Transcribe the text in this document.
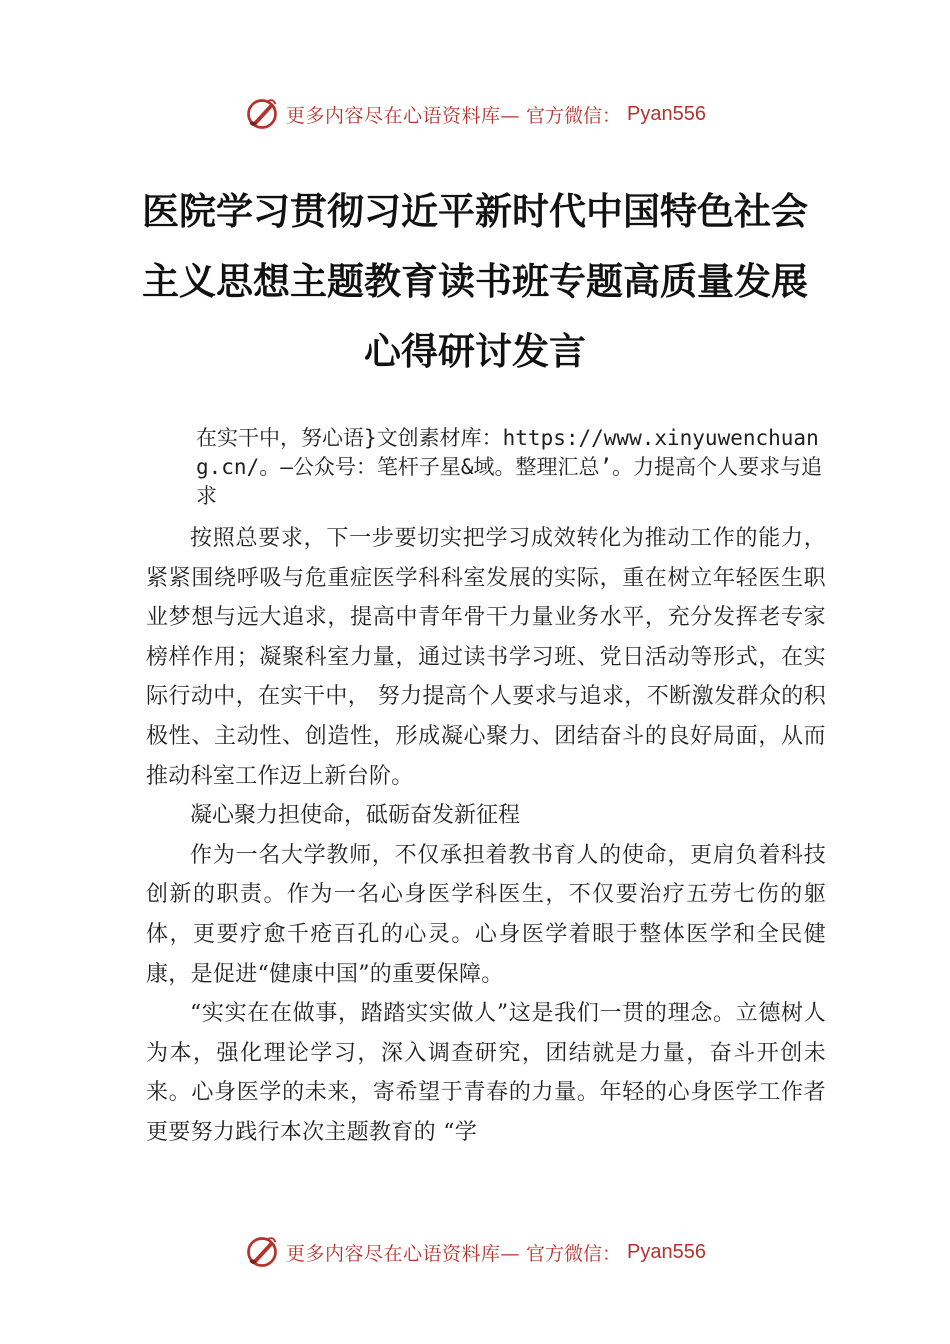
更多内容尽在心语资料库— 官方微信： Pyan556
医院学习贯彻习近平新时代中国特色社会
主义思想主题教育读书班专题高质量发展
心得研讨发言
在实干中，努心语}文创素材库：https://www.xinyuwenchuang.cn/。—公众号：笔杆子星&域。整理汇总’。力提高个人要求与追求

按照总要求，下一步要切实把学习成效转化为推动工作的能力，紧紧围绕呼吸与危重症医学科科室发展的实际，重在树立年轻医生职业梦想与远大追求，提高中青年骨干力量业务水平，充分发挥老专家榜样作用；凝聚科室力量，通过读书学习班、党日活动等形式，在实际行动中，在实干中， 努力提高个人要求与追求，不断激发群众的积极性、主动性、创造性，形成凝心聚力、团结奋斗的良好局面，从而推动科室工作迈上新台阶。

凝心聚力担使命，砥砺奋发新征程

作为一名大学教师，不仅承担着教书育人的使命，更肩负着科技创新的职责。作为一名心身医学科医生，不仅要治疗五劳七伤的躯体，更要疗愈千疮百孔的心灵。心身医学着眼于整体医学和全民健康，是促进“健康中国”的重要保障。

“实实在在做事，踏踏实实做人”这是我们一贯的理念。立德树人为本，强化理论学习，深入调查研究，团结就是力量，奋斗开创未来。心身医学的未来，寄希望于青春的力量。年轻的心身医学工作者更要努力践行本次主题教育的 “学

更多内容尽在心语资料库— 官方微信： Pyan556
